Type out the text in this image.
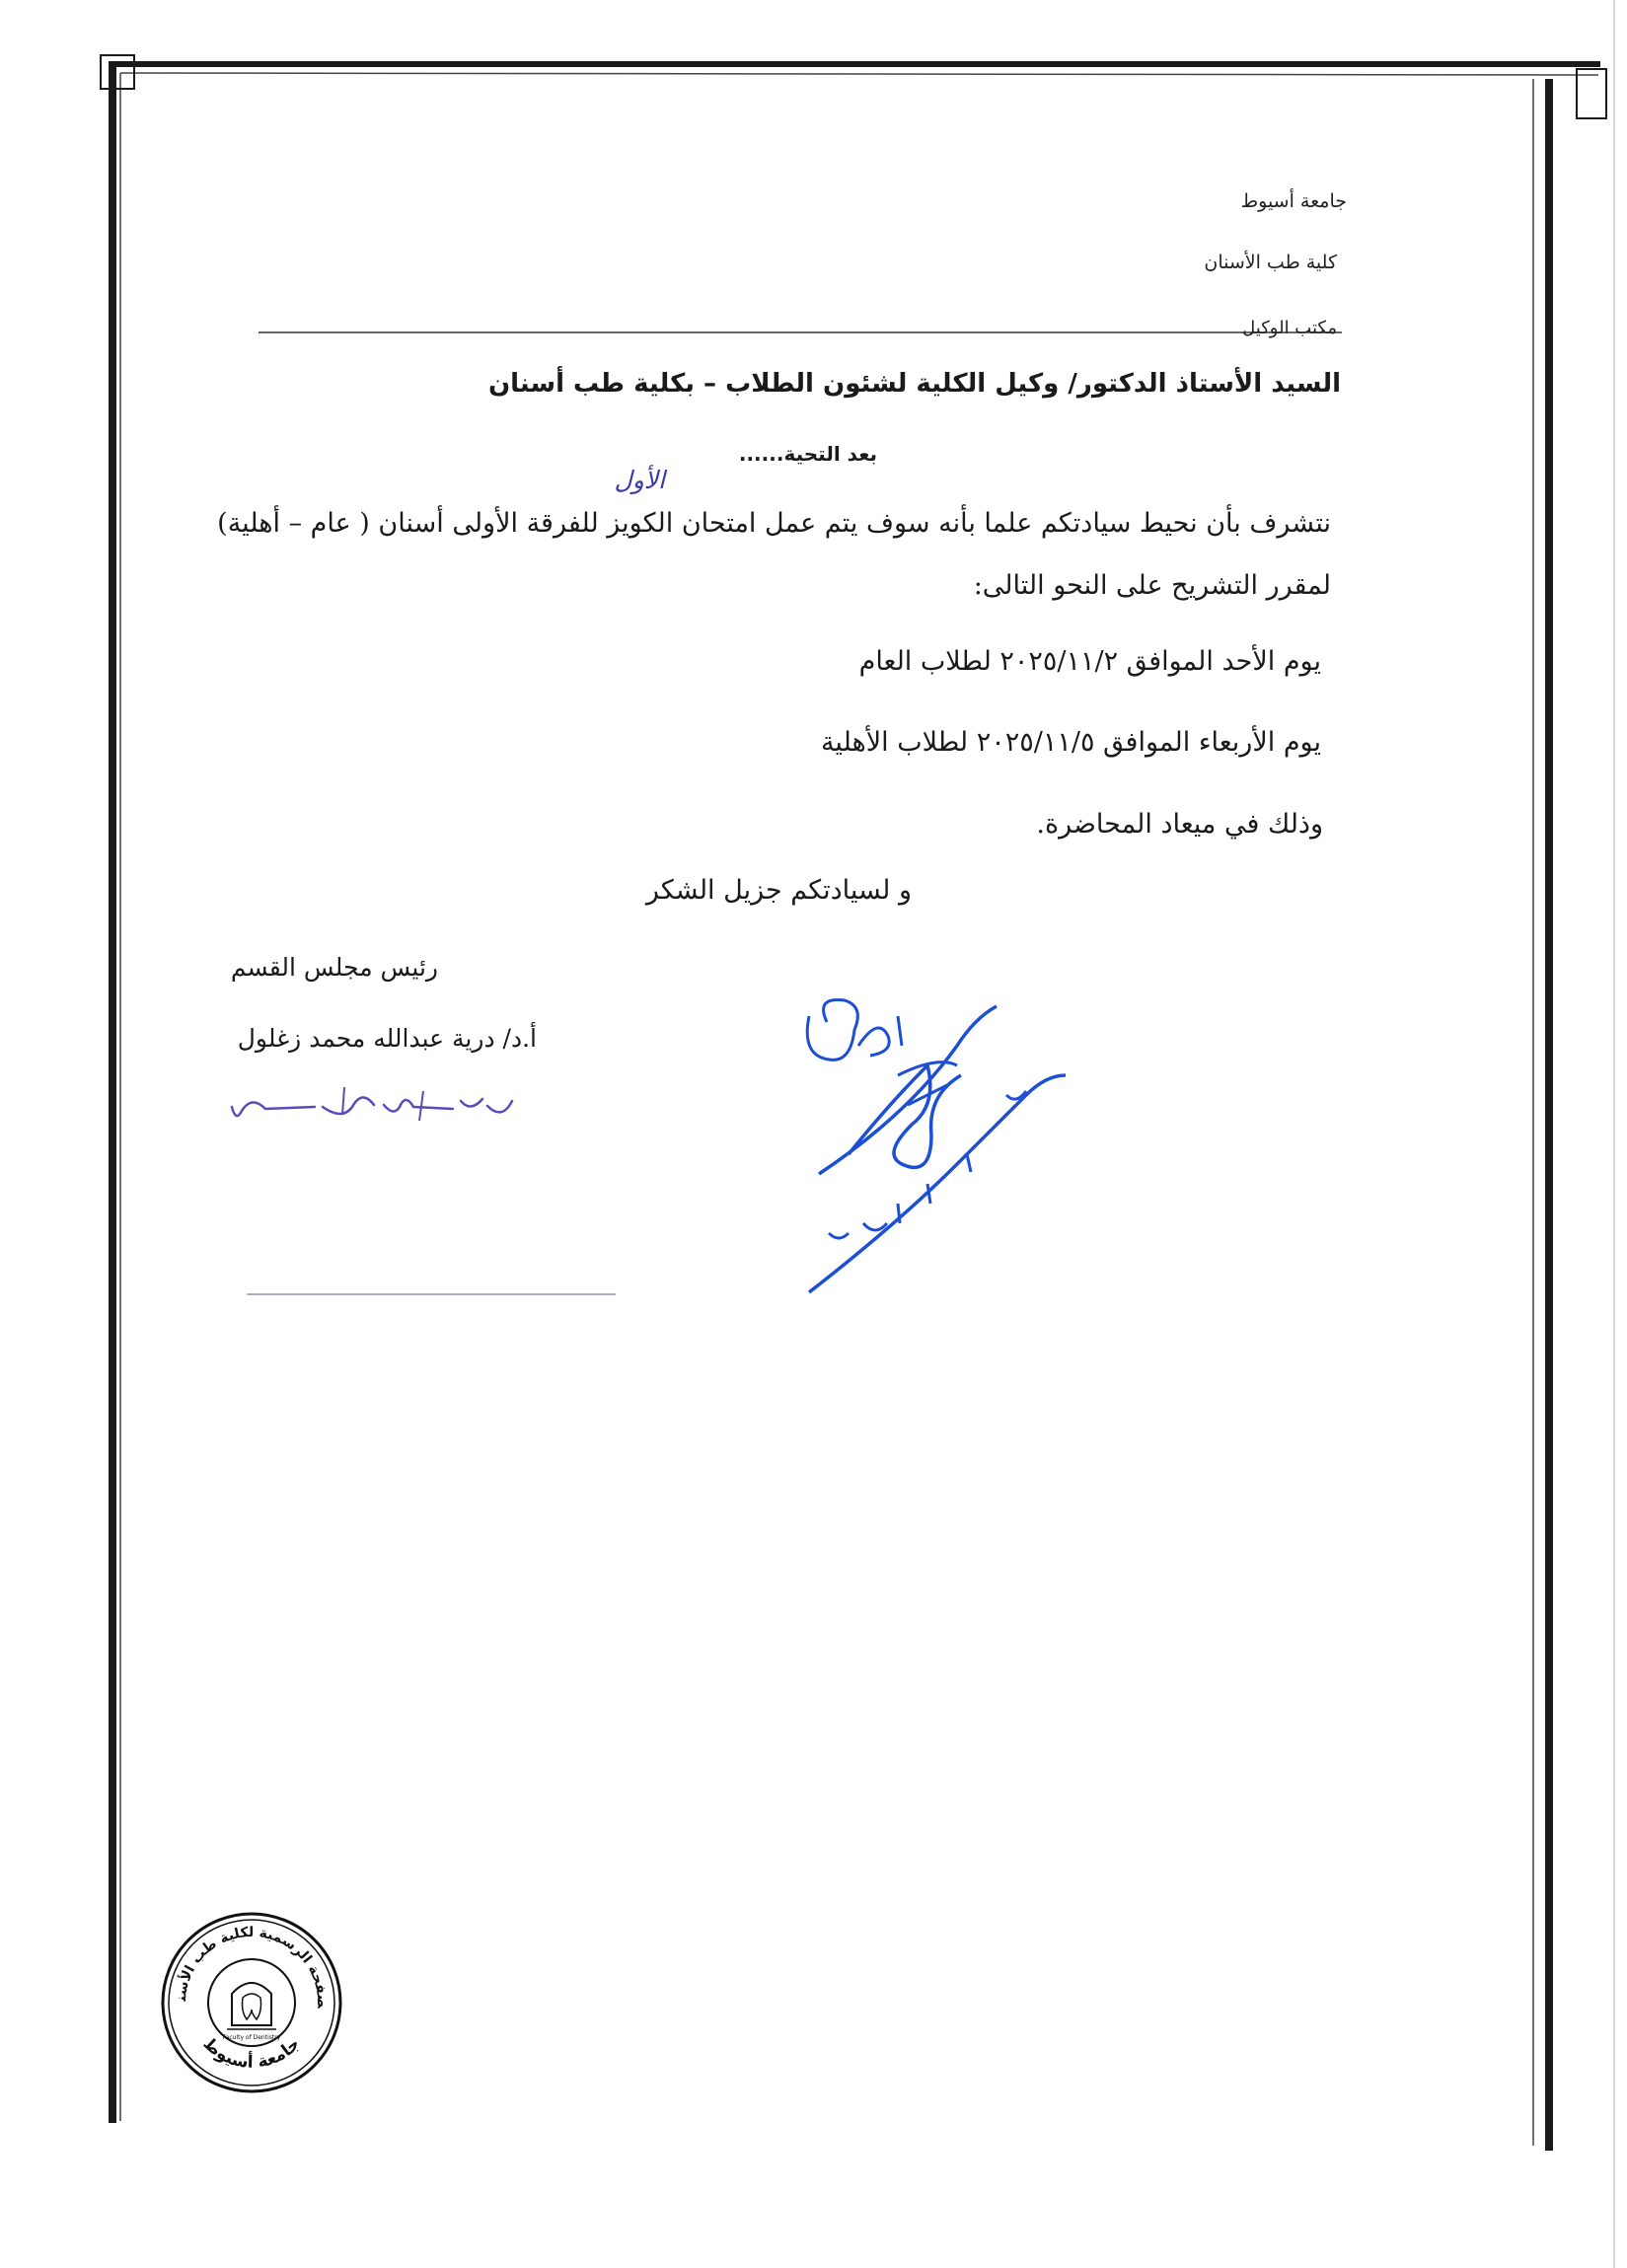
جامعة أسيوط
كلية طب الأسنان
مكتب الوكيل
السيد الأستاذ الدكتور/ وكيل الكلية لشئون الطلاب – بكلية طب أسنان
بعد التحية......
الأول
نتشرف بأن نحيط سيادتكم علما بأنه سوف يتم عمل امتحان الكويز للفرقة الأولى أسنان ( عام – أهلية)
لمقرر التشريح على النحو التالى:
يوم الأحد الموافق ٢٠٢٥/١١/٢ لطلاب العام
يوم الأربعاء الموافق ٢٠٢٥/١١/٥ لطلاب الأهلية
وذلك في ميعاد المحاضرة.
و لسيادتكم جزيل الشكر
رئيس مجلس القسم
أ.د/ درية عبدالله محمد زغلول
صفحة الرسمية لكلية طب الأسنان
جامعة أسيوط
Faculty of Dentistry
